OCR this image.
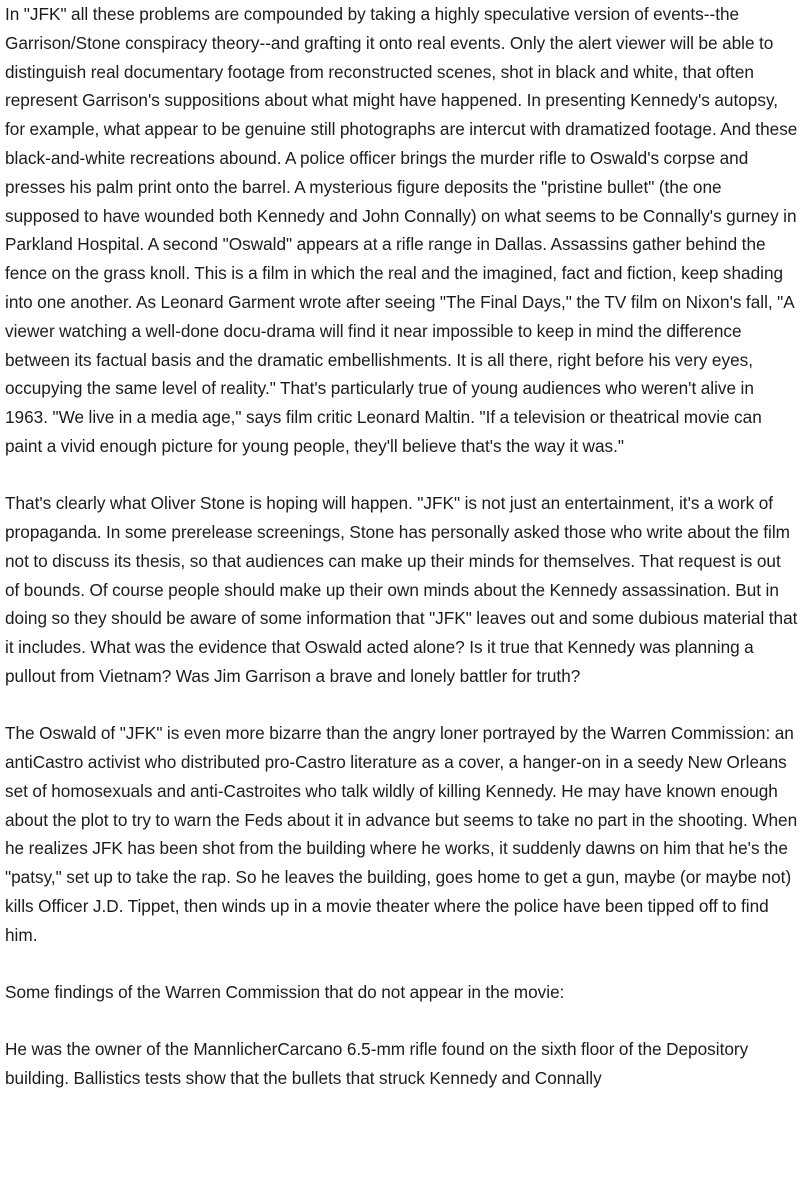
In "JFK" all these problems are compounded by taking a highly speculative version of events--the Garrison/Stone conspiracy theory--and grafting it onto real events. Only the alert viewer will be able to distinguish real documentary footage from reconstructed scenes, shot in black and white, that often represent Garrison's suppositions about what might have happened. In presenting Kennedy's autopsy, for example, what appear to be genuine still photographs are intercut with dramatized footage. And these black-and-white recreations abound. A police officer brings the murder rifle to Oswald's corpse and presses his palm print onto the barrel. A mysterious figure deposits the "pristine bullet" (the one supposed to have wounded both Kennedy and John Connally) on what seems to be Connally's gurney in Parkland Hospital. A second "Oswald" appears at a rifle range in Dallas. Assassins gather behind the fence on the grass knoll. This is a film in which the real and the imagined, fact and fiction, keep shading into one another. As Leonard Garment wrote after seeing "The Final Days," the TV film on Nixon's fall, "A viewer watching a well-done docu-drama will find it near impossible to keep in mind the difference between its factual basis and the dramatic embellishments. It is all there, right before his very eyes, occupying the same level of reality." That's particularly true of young audiences who weren't alive in 1963. "We live in a media age," says film critic Leonard Maltin. "If a television or theatrical movie can paint a vivid enough picture for young people, they'll believe that's the way it was."

That's clearly what Oliver Stone is hoping will happen. "JFK" is not just an entertainment, it's a work of propaganda. In some prerelease screenings, Stone has personally asked those who write about the film not to discuss its thesis, so that audiences can make up their minds for themselves. That request is out of bounds. Of course people should make up their own minds about the Kennedy assassination. But in doing so they should be aware of some information that "JFK" leaves out and some dubious material that it includes. What was the evidence that Oswald acted alone? Is it true that Kennedy was planning a pullout from Vietnam? Was Jim Garrison a brave and lonely battler for truth?

The Oswald of "JFK" is even more bizarre than the angry loner portrayed by the Warren Commission: an antiCastro activist who distributed pro-Castro literature as a cover, a hanger-on in a seedy New Orleans set of homosexuals and anti-Castroites who talk wildly of killing Kennedy. He may have known enough about the plot to try to warn the Feds about it in advance but seems to take no part in the shooting. When he realizes JFK has been shot from the building where he works, it suddenly dawns on him that he's the "patsy," set up to take the rap. So he leaves the building, goes home to get a gun, maybe (or maybe not) kills Officer J.D. Tippet, then winds up in a movie theater where the police have been tipped off to find him.

Some findings of the Warren Commission that do not appear in the movie:

He was the owner of the MannlicherCarcano 6.5-mm rifle found on the sixth floor of the Depository building. Ballistics tests show that the bullets that struck Kennedy and Connally
